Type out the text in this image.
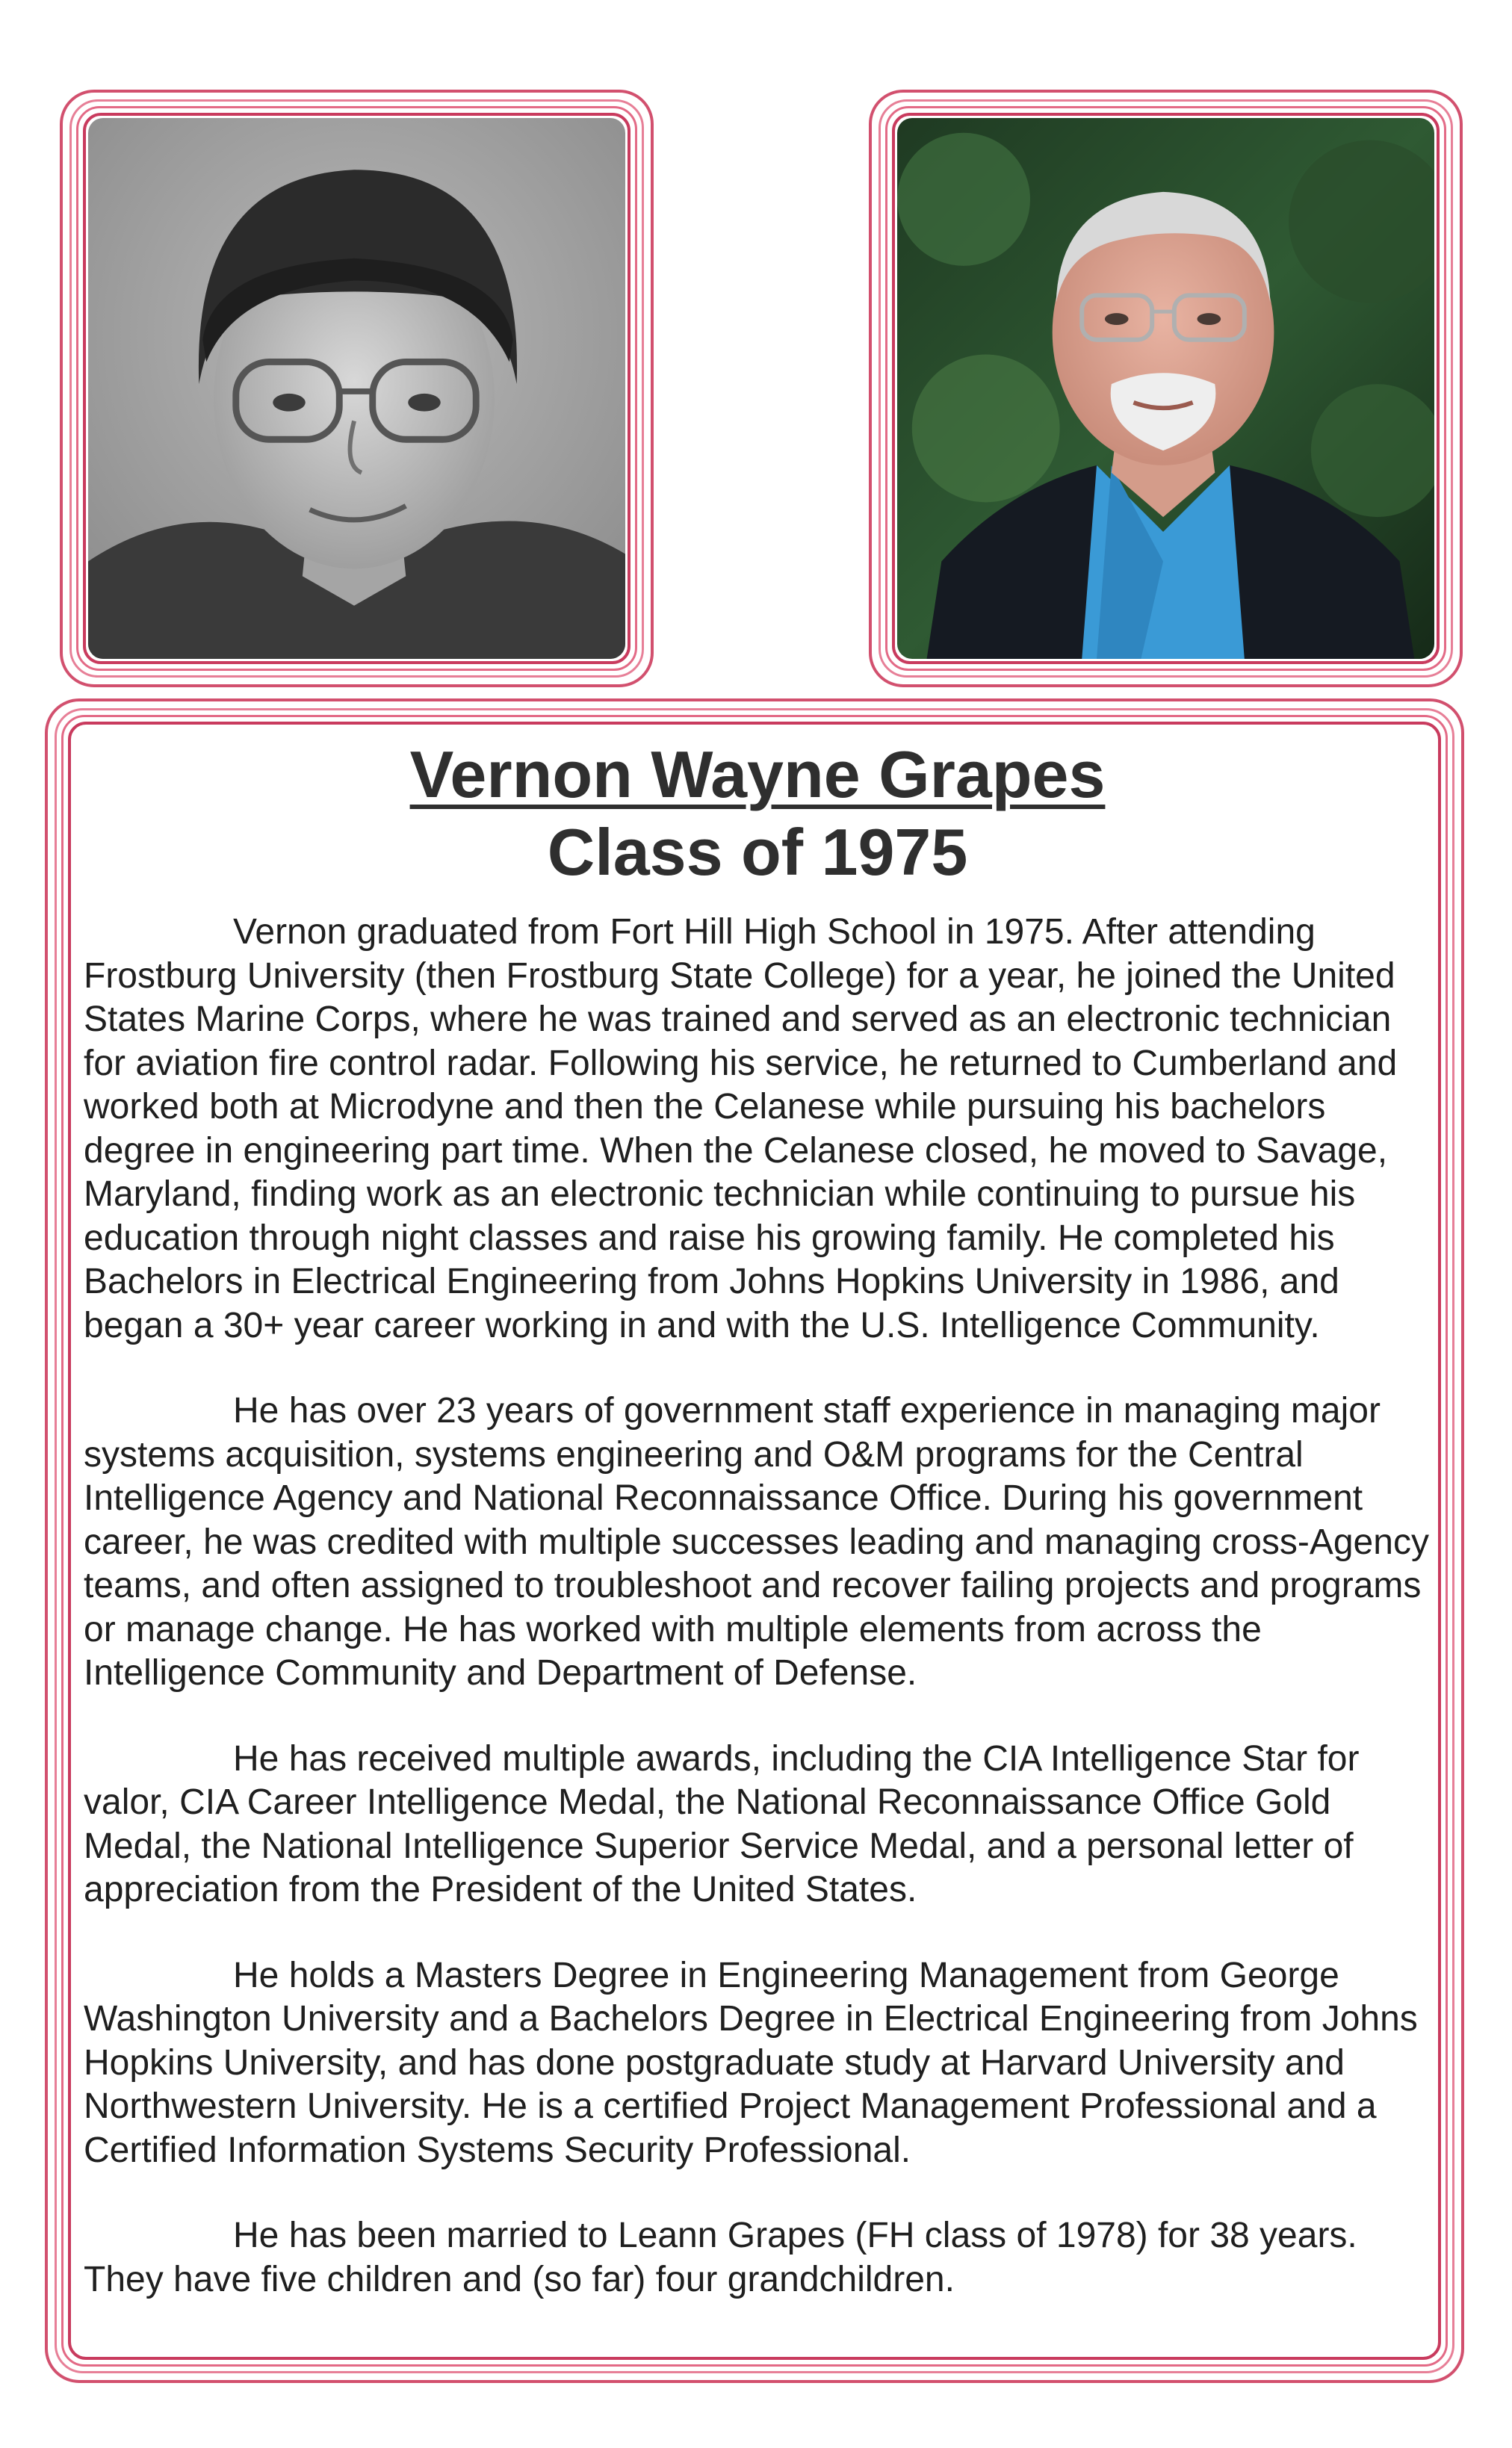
Vernon Wayne Grapes
Class of 1975

Vernon graduated from Fort Hill High School in 1975. After attending Frostburg University (then Frostburg State College) for a year, he joined the United States Marine Corps, where he was trained and served as an electronic technician for aviation fire control radar. Following his service, he returned to Cumberland and worked both at Microdyne and then the Celanese while pursuing his bachelors degree in engineering part time. When the Celanese closed, he moved to Savage, Maryland, finding work as an electronic technician while continuing to pursue his education through night classes and raise his growing family. He completed his Bachelors in Electrical Engineering from Johns Hopkins University in 1986, and began a 30+ year career working in and with the U.S. Intelligence Community.

He has over 23 years of government staff experience in managing major systems acquisition, systems engineering and O&M programs for the Central Intelligence Agency and National Reconnaissance Office. During his government career, he was credited with multiple successes leading and managing cross-Agency teams, and often assigned to troubleshoot and recover failing projects and programs or manage change. He has worked with multiple elements from across the Intelligence Community and Department of Defense.

He has received multiple awards, including the CIA Intelligence Star for valor, CIA Career Intelligence Medal, the National Reconnaissance Office Gold Medal, the National Intelligence Superior Service Medal, and a personal letter of appreciation from the President of the United States.

He holds a Masters Degree in Engineering Management from George Washington University and a Bachelors Degree in Electrical Engineering from Johns Hopkins University, and has done postgraduate study at Harvard University and Northwestern University. He is a certified Project Management Professional and a Certified Information Systems Security Professional.

He has been married to Leann Grapes (FH class of 1978) for 38 years. They have five children and (so far) four grandchildren.
